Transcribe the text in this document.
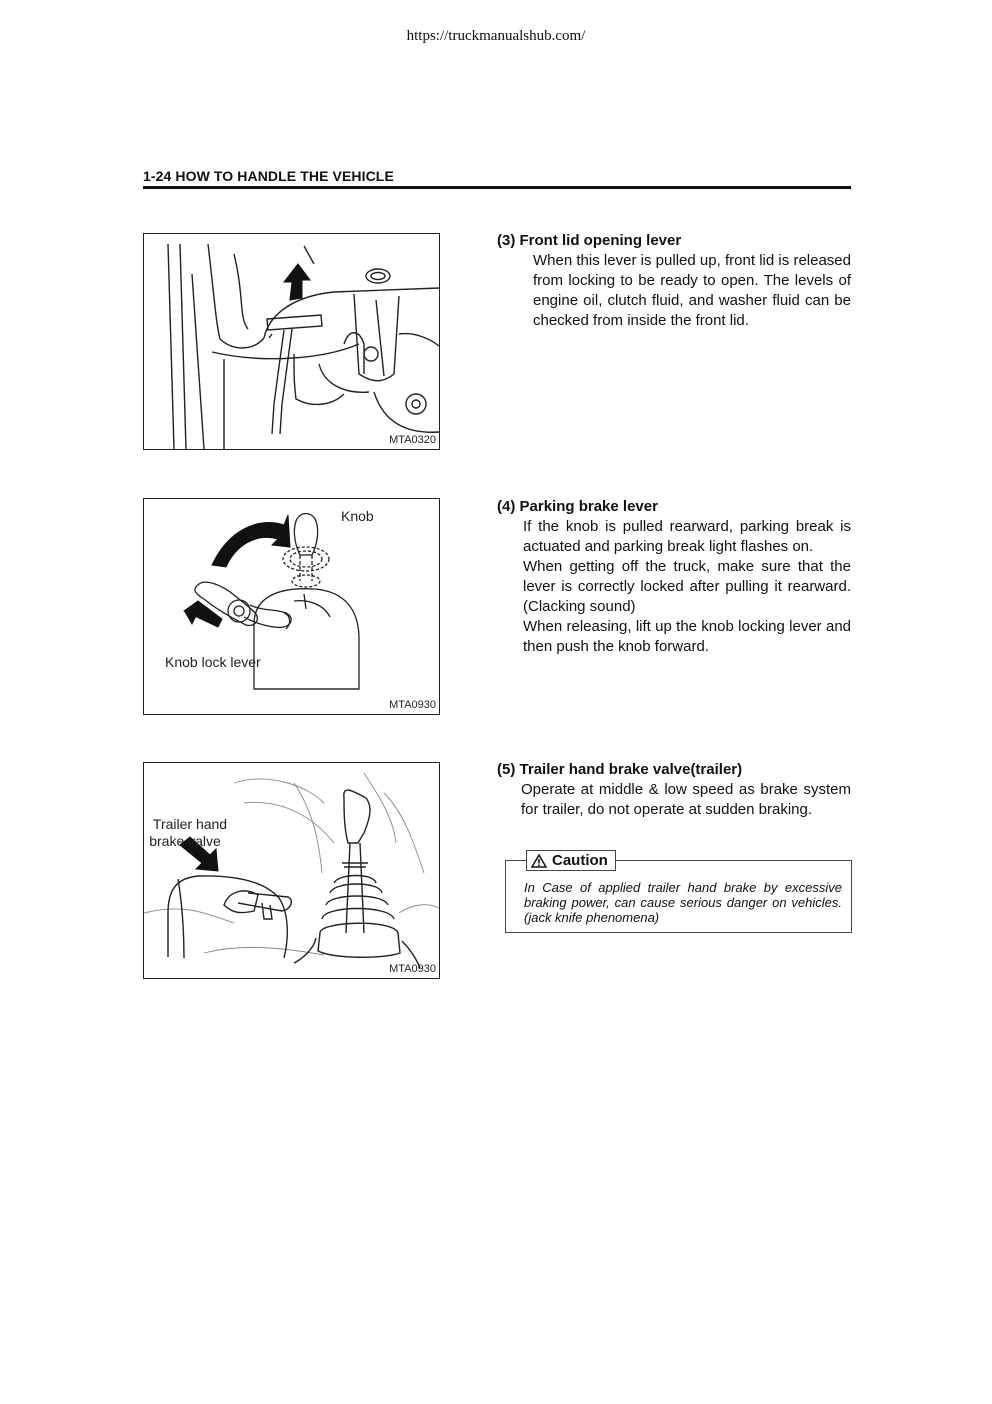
https://truckmanualshub.com/
1-24 HOW TO HANDLE THE VEHICLE
MTA0320
Knob
Knob lock lever
MTA0930
Trailer hand
brake valve
MTA0930
(3) Front lid opening lever
When this lever is pulled up, front lid is released from locking to be ready to open. The levels of engine oil, clutch fluid, and washer fluid can be checked from inside the front lid.
(4) Parking brake lever
If the knob is pulled rearward, parking break is actuated and parking break light flashes on.
When getting off the truck, make sure that the lever is correctly locked after pulling it rearward.(Clacking sound)
When releasing, lift up the knob locking lever and then push the knob forward.
(5) Trailer hand brake valve(trailer)
Operate at middle & low speed as brake system for trailer, do not operate at sudden braking.
Caution
In Case of applied trailer hand brake by excessive braking power, can cause serious danger on vehicles.(jack knife phenomena)
